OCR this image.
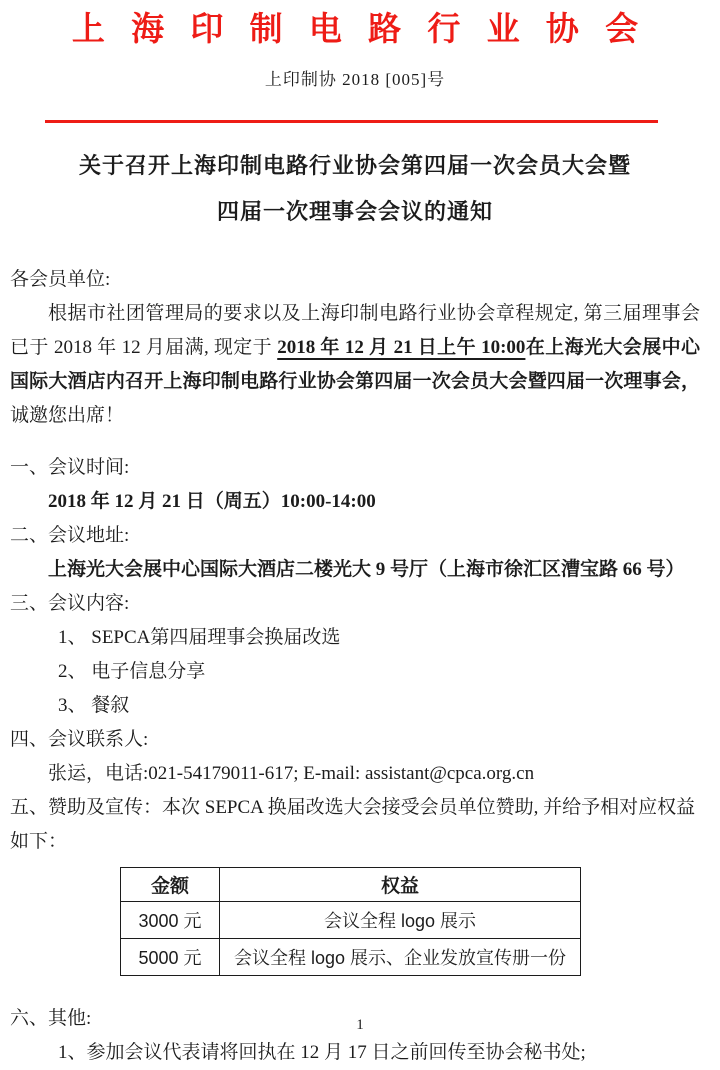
上 海 印 制 电 路 行 业 协 会
上印制协 2018 [005]号
关于召开上海印制电路行业协会第四届一次会员大会暨
四届一次理事会会议的通知
各会员单位:

根据市社团管理局的要求以及上海印制电路行业协会章程规定, 第三届理事会已于 2018 年 12 月届满, 现定于 2018 年 12 月 21 日上午 10:00在上海光大会展中心国际大酒店内召开上海印制电路行业协会第四届一次会员大会暨四届一次理事会，诚邀您出席！

一、会议时间:
2018 年 12 月 21 日（周五）10:00-14:00
二、会议地址:
上海光大会展中心国际大酒店二楼光大 9 号厅（上海市徐汇区漕宝路 66 号）
三、会议内容:
1、 SEPCA第四届理事会换届改选
2、 电子信息分享
3、 餐叙
四、会议联系人:
张运，电话:021-54179011-617; E-mail: assistant@cpca.org.cn
五、赞助及宣传：本次 SEPCA 换届改选大会接受会员单位赞助, 并给予相对应权益如下：
金额	权益
3000 元	会议全程 logo 展示
5000 元	会议全程 logo 展示、企业发放宣传册一份
六、其他:
1、参加会议代表请将回执在 12 月 17 日之前回传至协会秘书处;
1
